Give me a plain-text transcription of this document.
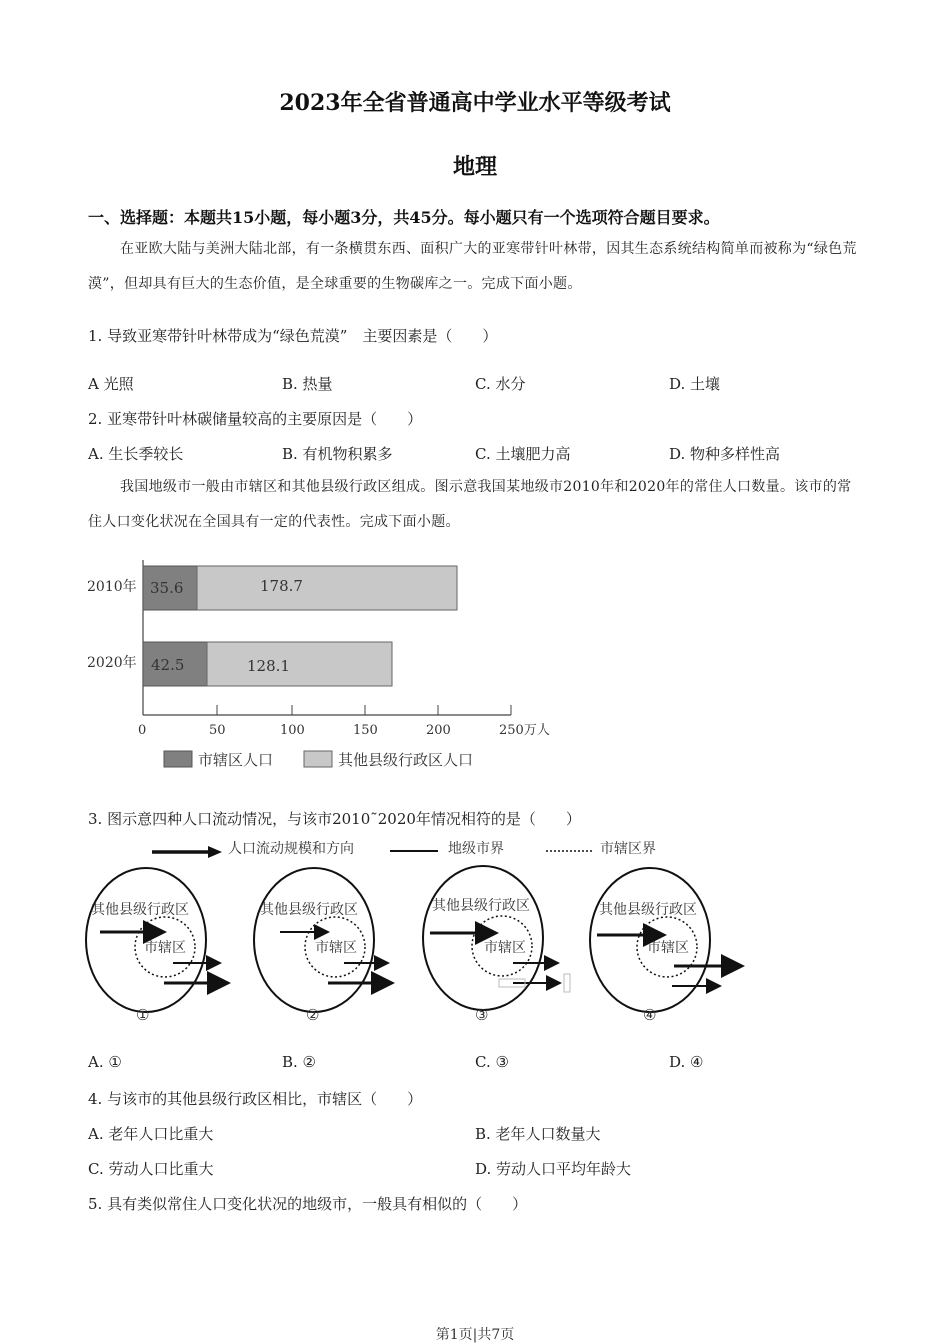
2023年全省普通高中学业水平等级考试
地理
一、选择题：本题共15小题，每小题3分，共45分。每小题只有一个选项符合题目要求。
在亚欧大陆与美洲大陆北部，有一条横贯东西、面积广大的亚寒带针叶林带，因其生态系统结构简单而被称为“绿色荒漠”，但却具有巨大的生态价值，是全球重要的生物碳库之一。完成下面小题。
1. 导致亚寒带针叶林带成为“绿色荒漠”　主要因素是（　　）
A 光照	B. 热量	C. 水分	D. 土壤
2. 亚寒带针叶林碳储量较高的主要原因是（　　）
A. 生长季较长	B. 有机物积累多	C. 土壤肥力高	D. 物种多样性高
我国地级市一般由市辖区和其他县级行政区组成。图示意我国某地级市2010年和2020年的常住人口数量。该市的常住人口变化状况在全国具有一定的代表性。完成下面小题。
2010年
2020年
35.6	178.7
42.5	128.1
0	50	100	150	200	250万人
市辖区人口	其他县级行政区人口
3. 图示意四种人口流动情况，与该市2010˜2020年情况相符的是（　　）
人口流动规模和方向	地级市界	市辖区界
其他县级行政区
市辖区
①
其他县级行政区
市辖区
②
其他县级行政区
市辖区
③
其他县级行政区
市辖区
④
A. ①	B. ②	C. ③	D. ④
4. 与该市的其他县级行政区相比，市辖区（　　）
A. 老年人口比重大	B. 老年人口数量大
C. 劳动人口比重大	D. 劳动人口平均年龄大
5. 具有类似常住人口变化状况的地级市，一般具有相似的（　　）
第1页|共7页
